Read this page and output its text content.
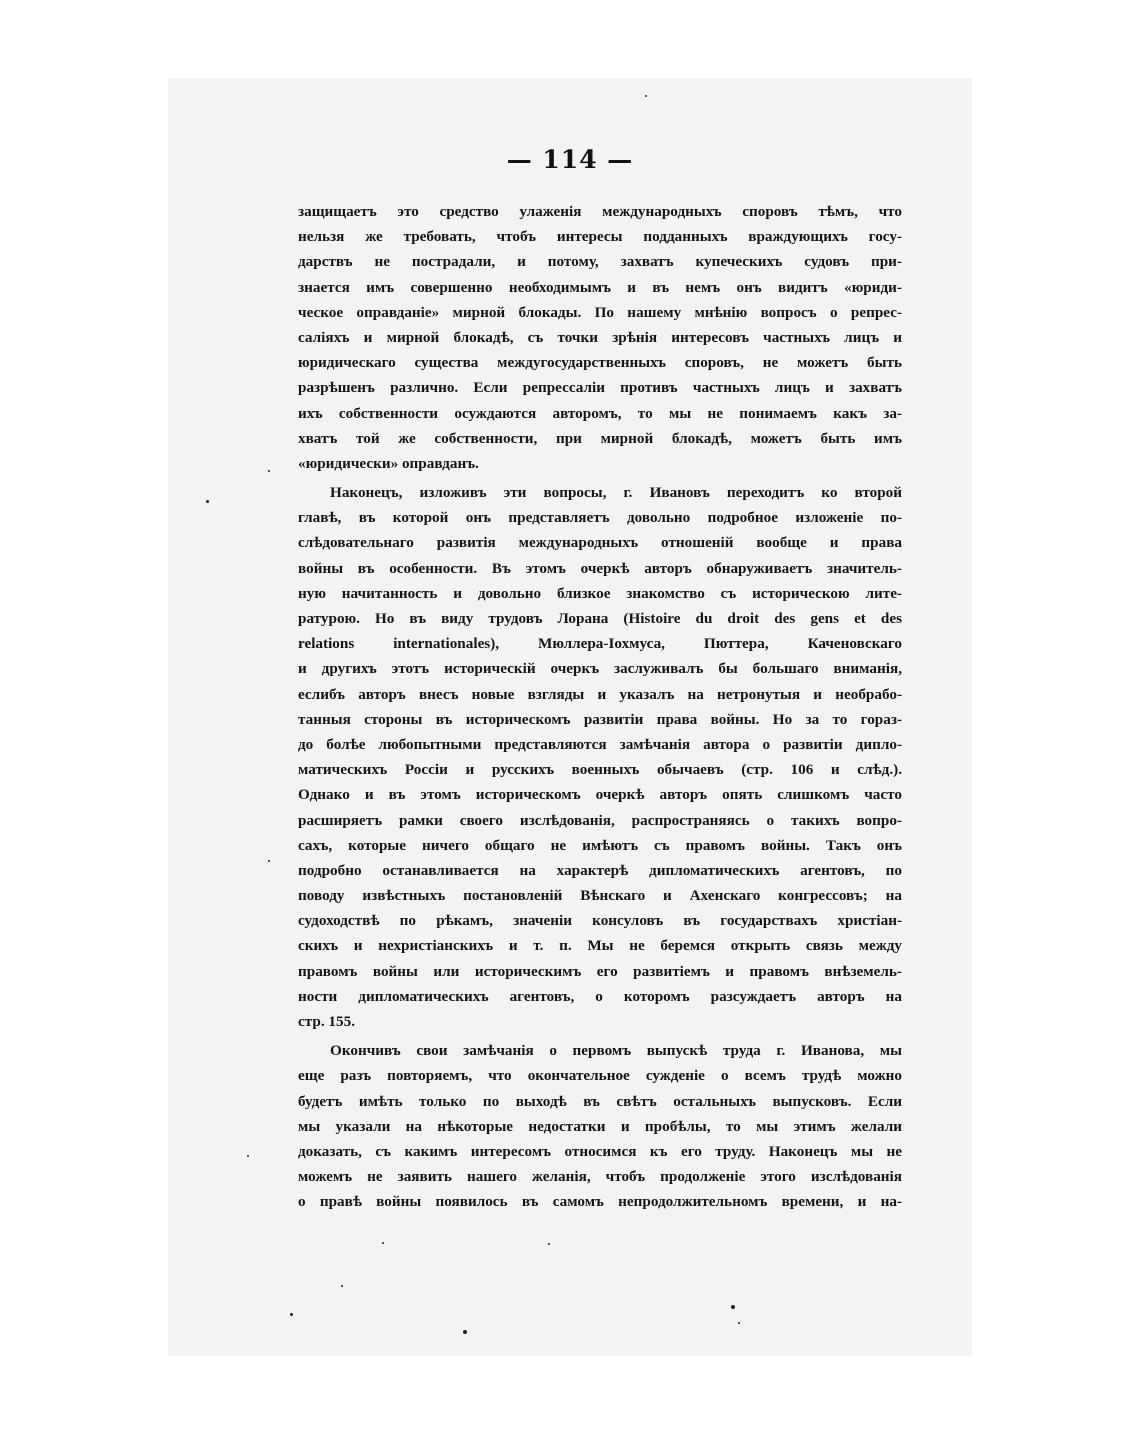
— 114 —
защищаетъ это средство улаженія международныхъ споровъ тѣмъ, что
нельзя же требовать, чтобъ интересы подданныхъ враждующихъ госу-
дарствъ не пострадали, и потому, захватъ купеческихъ судовъ при-
знается имъ совершенно необходимымъ и въ немъ онъ видитъ «юриди-
ческое оправданіе» мирной блокады. По нашему мнѣнію вопросъ о репрес-
саліяхъ и мирной блокадѣ, съ точки зрѣнія интересовъ частныхъ лицъ и
юридическаго существа междугосударственныхъ споровъ, не можетъ быть
разрѣшенъ различно. Если репрессаліи противъ частныхъ лицъ и захватъ
ихъ собственности осуждаются авторомъ, то мы не понимаемъ какъ за-
хватъ той же собственности, при мирной блокадѣ, можетъ быть имъ
«юридически» оправданъ.
Наконецъ, изложивъ эти вопросы, г. Ивановъ переходитъ ко второй
главѣ, въ которой онъ представляетъ довольно подробное изложеніе по-
слѣдовательнаго развитія международныхъ отношеній вообще и права
войны въ особенности. Въ этомъ очеркѣ авторъ обнаруживаетъ значитель-
ную начитанность и довольно близкое знакомство съ историческою лите-
ратурою. Но въ виду трудовъ Лорана (Histoire du droit des gens et des
relations internationales), Мюллера-Іохмуса, Пюттера, Каченовскаго
и другихъ этотъ историческій очеркъ заслуживалъ бы большаго вниманія,
еслибъ авторъ внесъ новые взгляды и указалъ на нетронутыя и необрабо-
танныя стороны въ историческомъ развитіи права войны. Но за то гораз-
до болѣе любопытными представляются замѣчанія автора о развитіи дипло-
матическихъ Россіи и русскихъ военныхъ обычаевъ (стр. 106 и слѣд.).
Однако и въ этомъ историческомъ очеркѣ авторъ опять слишкомъ часто
расширяетъ рамки своего изслѣдованія, распространяясь о такихъ вопро-
сахъ, которые ничего общаго не имѣютъ съ правомъ войны. Такъ онъ
подробно останавливается на характерѣ дипломатическихъ агентовъ, по
поводу извѣстныхъ постановленій Вѣнскаго и Ахенскаго конгрессовъ; на
судоходствѣ по рѣкамъ, значеніи консуловъ въ государствахъ христіан-
скихъ и нехристіанскихъ и т. п. Мы не беремся открыть связь между
правомъ войны или историческимъ его развитіемъ и правомъ внѣземель-
ности дипломатическихъ агентовъ, о которомъ разсуждаетъ авторъ на
стр. 155.
Окончивъ свои замѣчанія о первомъ выпускѣ труда г. Иванова, мы
еще разъ повторяемъ, что окончательное сужденіе о всемъ трудѣ можно
будетъ имѣть только по выходѣ въ свѣтъ остальныхъ выпусковъ. Если
мы указали на нѣкоторые недостатки и пробѣлы, то мы этимъ желали
доказать, съ какимъ интересомъ относимся къ его труду. Наконецъ мы не
можемъ не заявить нашего желанія, чтобъ продолженіе этого изслѣдованія
о правѣ войны появилось въ самомъ непродолжительномъ времени, и на-
